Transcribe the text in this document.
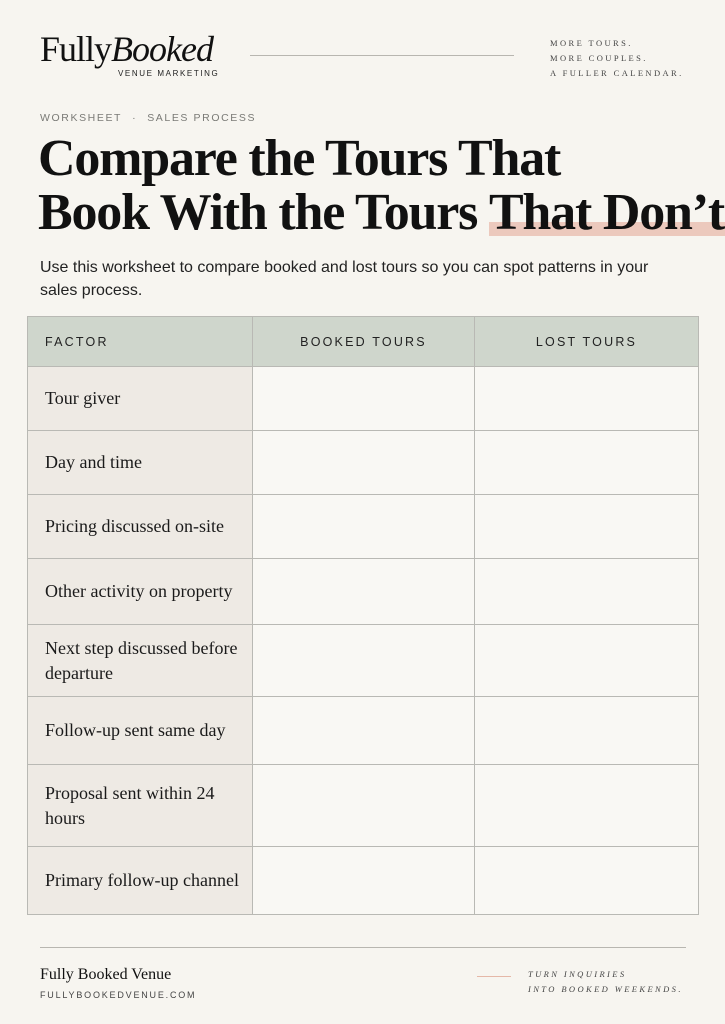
FullyBooked
VENUE MARKETING
MORE TOURS.
MORE COUPLES.
A FULLER CALENDAR.
WORKSHEET · SALES PROCESS
Compare the Tours That
Book With the Tours That Don’t

Use this worksheet to compare booked and lost tours so you can spot patterns in your sales process.

FACTOR	BOOKED TOURS	LOST TOURS
Tour giver		
Day and time		
Pricing discussed on-site		
Other activity on property		
Next step discussed before departure		
Follow-up sent same day		
Proposal sent within 24 hours		
Primary follow-up channel		
Fully Booked Venue
FULLYBOOKEDVENUE.COM
TURN INQUIRIES
INTO BOOKED WEEKENDS.
